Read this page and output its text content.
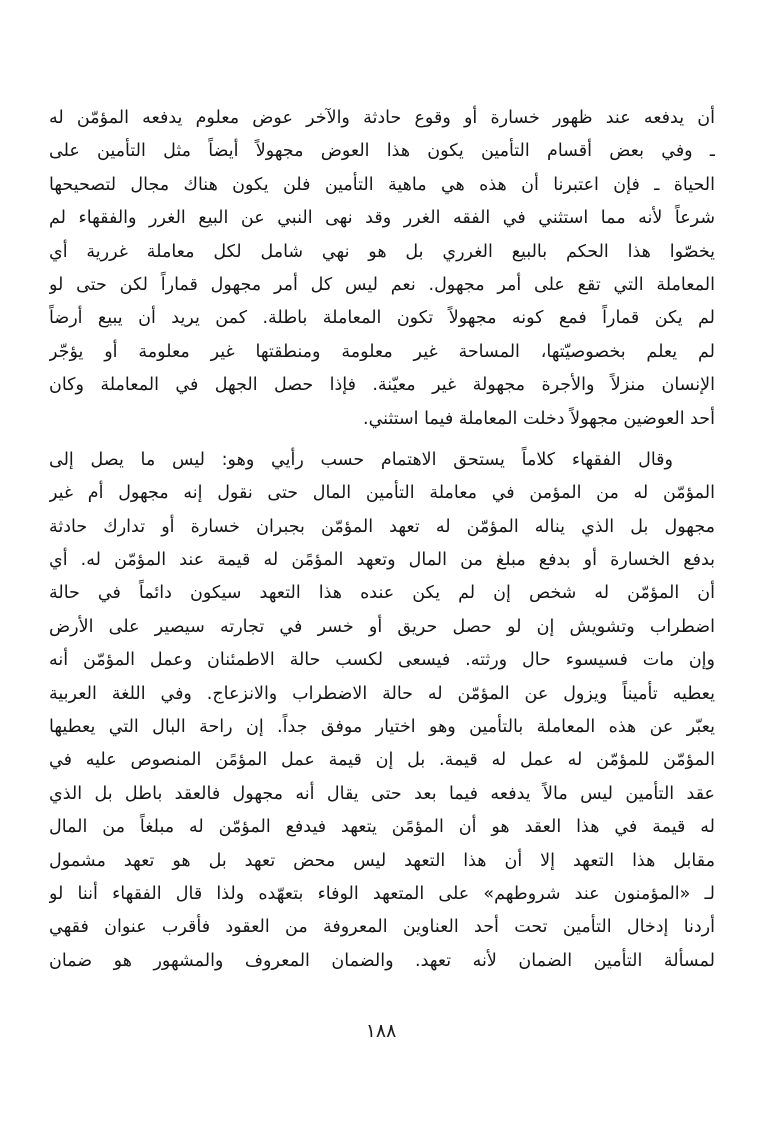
أن يدفعه عند ظهور خسارة أو وقوع حادثة والآخر عوض معلوم يدفعه المؤمّن له
ـ وفي بعض أقسام التأمين يكون هذا العوض مجهولاً أيضاً مثل التأمين على
الحياة ـ فإن اعتبرنا أن هذه هي ماهية التأمين فلن يكون هناك مجال لتصحيحها
شرعاً لأنه مما استثني في الفقه الغرر وقد نهى النبي عن البيع الغرر والفقهاء لم
يخصّوا هذا الحكم بالبيع الغرري بل هو نهي شامل لكل معاملة غررية أي
المعاملة التي تقع على أمر مجهول. نعم ليس كل أمر مجهول قماراً لكن حتى لو
لم يكن قماراً فمع كونه مجهولاً تكون المعاملة باطلة. كمن يريد أن يبيع أرضاً
لم يعلم بخصوصيّتها، المساحة غير معلومة ومنطقتها غير معلومة أو يؤجّر
الإنسان منزلاً والأجرة مجهولة غير معيّنة. فإذا حصل الجهل في المعاملة وكان
أحد العوضين مجهولاً دخلت المعاملة فيما استثني.
وقال الفقهاء كلاماً يستحق الاهتمام حسب رأيي وهو: ليس ما يصل إلى
المؤمّن له من المؤمن في معاملة التأمين المال حتى نقول إنه مجهول أم غير
مجهول بل الذي يناله المؤمّن له تعهد المؤمّن بجبران خسارة أو تدارك حادثة
بدفع الخسارة أو بدفع مبلغ من المال وتعهد المؤمًن له قيمة عند المؤمّن له. أي
أن المؤمّن له شخص إن لم يكن عنده هذا التعهد سيكون دائماً في حالة
اضطراب وتشويش إن لو حصل حريق أو خسر في تجارته سيصير على الأرض
وإن مات فسيسوء حال ورثته. فيسعى لكسب حالة الاطمئنان وعمل المؤمّن أنه
يعطيه تأميناً ويزول عن المؤمّن له حالة الاضطراب والانزعاج. وفي اللغة العربية
يعبّر عن هذه المعاملة بالتأمين وهو اختيار موفق جداً. إن راحة البال التي يعطيها
المؤمّن للمؤمّن له عمل له قيمة. بل إن قيمة عمل المؤمًن المنصوص عليه في
عقد التأمين ليس مالاً يدفعه فيما بعد حتى يقال أنه مجهول فالعقد باطل بل الذي
له قيمة في هذا العقد هو أن المؤمًن يتعهد فيدفع المؤمّن له مبلغاً من المال
مقابل هذا التعهد إلا أن هذا التعهد ليس محض تعهد بل هو تعهد مشمول
لـ «المؤمنون عند شروطهم» على المتعهد الوفاء بتعهّده ولذا قال الفقهاء أننا لو
أردنا إدخال التأمين تحت أحد العناوين المعروفة من العقود فأقرب عنوان فقهي
لمسألة التأمين الضمان لأنه تعهد. والضمان المعروف والمشهور هو ضمان
١٨٨
